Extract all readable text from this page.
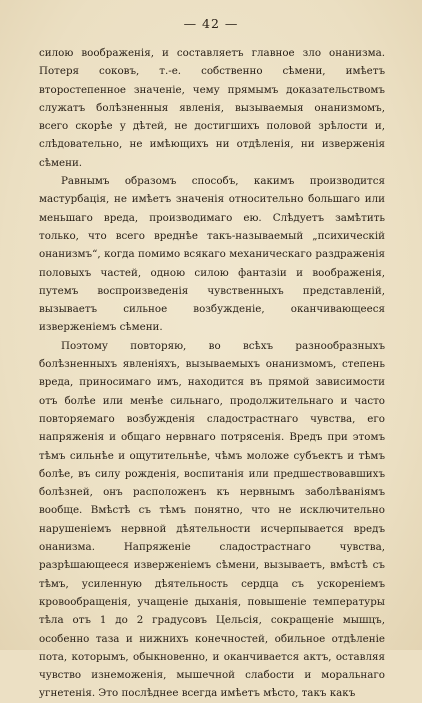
— 42 —

силою воображенія, и составляетъ главное зло онанизма. Потеря соковъ, т.-е. собственно сѣмени, имѣетъ второстепенное значеніе, чему прямымъ доказательствомъ служатъ болѣзненныя явленія, вызываемыя онанизмомъ, всего скорѣе у дѣтей, не достигшихъ половой зрѣлости и, слѣдовательно, не имѣющихъ ни отдѣленія, ни изверженія сѣмени.

Равнымъ образомъ способъ, какимъ производится мастурбація, не имѣетъ значенія относительно большаго или меньшаго вреда, производимаго ею. Слѣдуетъ замѣтить только, что всего вреднѣе такъ-называемый „психическій онанизмъ“, когда помимо всякаго механическаго раздраженія половыхъ частей, одною силою фантазіи и воображенія, путемъ воспроизведенія чувственныхъ представленій, вызываетъ сильное возбужденіе, оканчивающееся изверженіемъ сѣмени.

Поэтому повторяю, во всѣхъ разнообразныхъ болѣзненныхъ явленіяхъ, вызываемыхъ онанизмомъ, степень вреда, приносимаго имъ, находится въ прямой зависимости отъ болѣе или менѣе сильнаго, продолжительнаго и часто повторяемаго возбужденія сладострастнаго чувства, его напряженія и общаго нервнаго потрясенія. Вредъ при этомъ тѣмъ сильнѣе и ощутительнѣе, чѣмъ моложе субъектъ и тѣмъ болѣе, въ силу рожденія, воспитанія или предшествовавшихъ болѣзней, онъ расположенъ къ нервнымъ заболѣваніямъ вообще. Вмѣстѣ съ тѣмъ понятно, что не исключительно нарушеніемъ нервной дѣятельности исчерпывается вредъ онанизма. Напряженіе сладострастнаго чувства, разрѣшающееся изверженіемъ сѣмени, вызываетъ, вмѣстѣ съ тѣмъ, усиленную дѣятельность сердца съ ускореніемъ кровообращенія, учащеніе дыханія, повышеніе температуры тѣла отъ 1 до 2 градусовъ Цельсія, сокращеніе мышцъ, особенно таза и нижнихъ конечностей, обильное отдѣленіе пота, которымъ, обыкновенно, и оканчивается актъ, оставляя чувство изнеможенія, мышечной слабости и моральнаго угнетенія. Это послѣднее всегда имѣетъ мѣсто, такъ какъ
